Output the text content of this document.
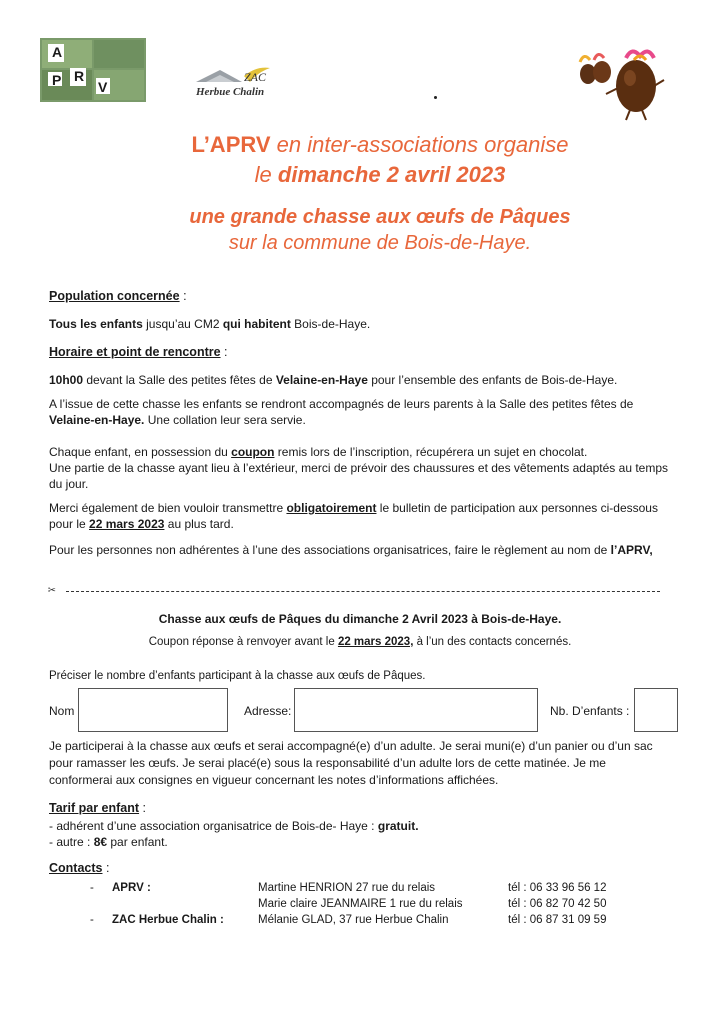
A
P R
V
ZAC
Herbue Chalin
L’APRV en inter-associations organise
le dimanche 2 avril 2023
une grande chasse aux œufs de Pâques
sur la commune de Bois-de-Haye.
Population concernée :
Tous les enfants jusqu’au CM2 qui habitent Bois-de-Haye.
Horaire et point de rencontre :
10h00 devant la Salle des petites fêtes de Velaine-en-Haye pour l’ensemble des enfants de Bois-de-Haye.
A l’issue de cette chasse les enfants se rendront accompagnés de leurs parents à la Salle des petites fêtes de Velaine-en-Haye. Une collation leur sera servie.
Chaque enfant, en possession du coupon remis lors de l’inscription, récupérera un sujet en chocolat.
Une partie de la chasse ayant lieu à l’extérieur, merci de prévoir des chaussures et des vêtements adaptés au temps du jour.
Merci également de bien vouloir transmettre obligatoirement le bulletin de participation aux personnes ci-dessous pour le 22 mars 2023 au plus tard.
Pour les personnes non adhérentes à l’une des associations organisatrices, faire le règlement au nom de l’APRV,
✂
Chasse aux œufs de Pâques du dimanche 2 Avril 2023 à Bois-de-Haye.
Coupon réponse à renvoyer avant le 22 mars 2023, à l’un des contacts concernés.
Préciser le nombre d’enfants participant à la chasse aux œufs de Pâques.
Nom	Adresse:	Nb. D’enfants :
Je participerai à la chasse aux œufs et serai accompagné(e) d’un adulte. Je serai muni(e) d’un panier ou d’un sac pour ramasser les œufs. Je serai placé(e) sous la responsabilité d’un adulte lors de cette matinée. Je me conformerai aux consignes en vigueur concernant les notes d’informations affichées.
Tarif par enfant :
- adhérent d’une association organisatrice de Bois-de- Haye : gratuit.
- autre : 8€ par enfant.
Contacts :
- APRV :	Martine HENRION 27 rue du relais	tél : 06 33 96 56 12
Marie claire JEANMAIRE 1 rue du relais	tél : 06 82 70 42 50
- ZAC Herbue Chalin :	Mélanie GLAD, 37 rue Herbue Chalin	tél : 06 87 31 09 59
